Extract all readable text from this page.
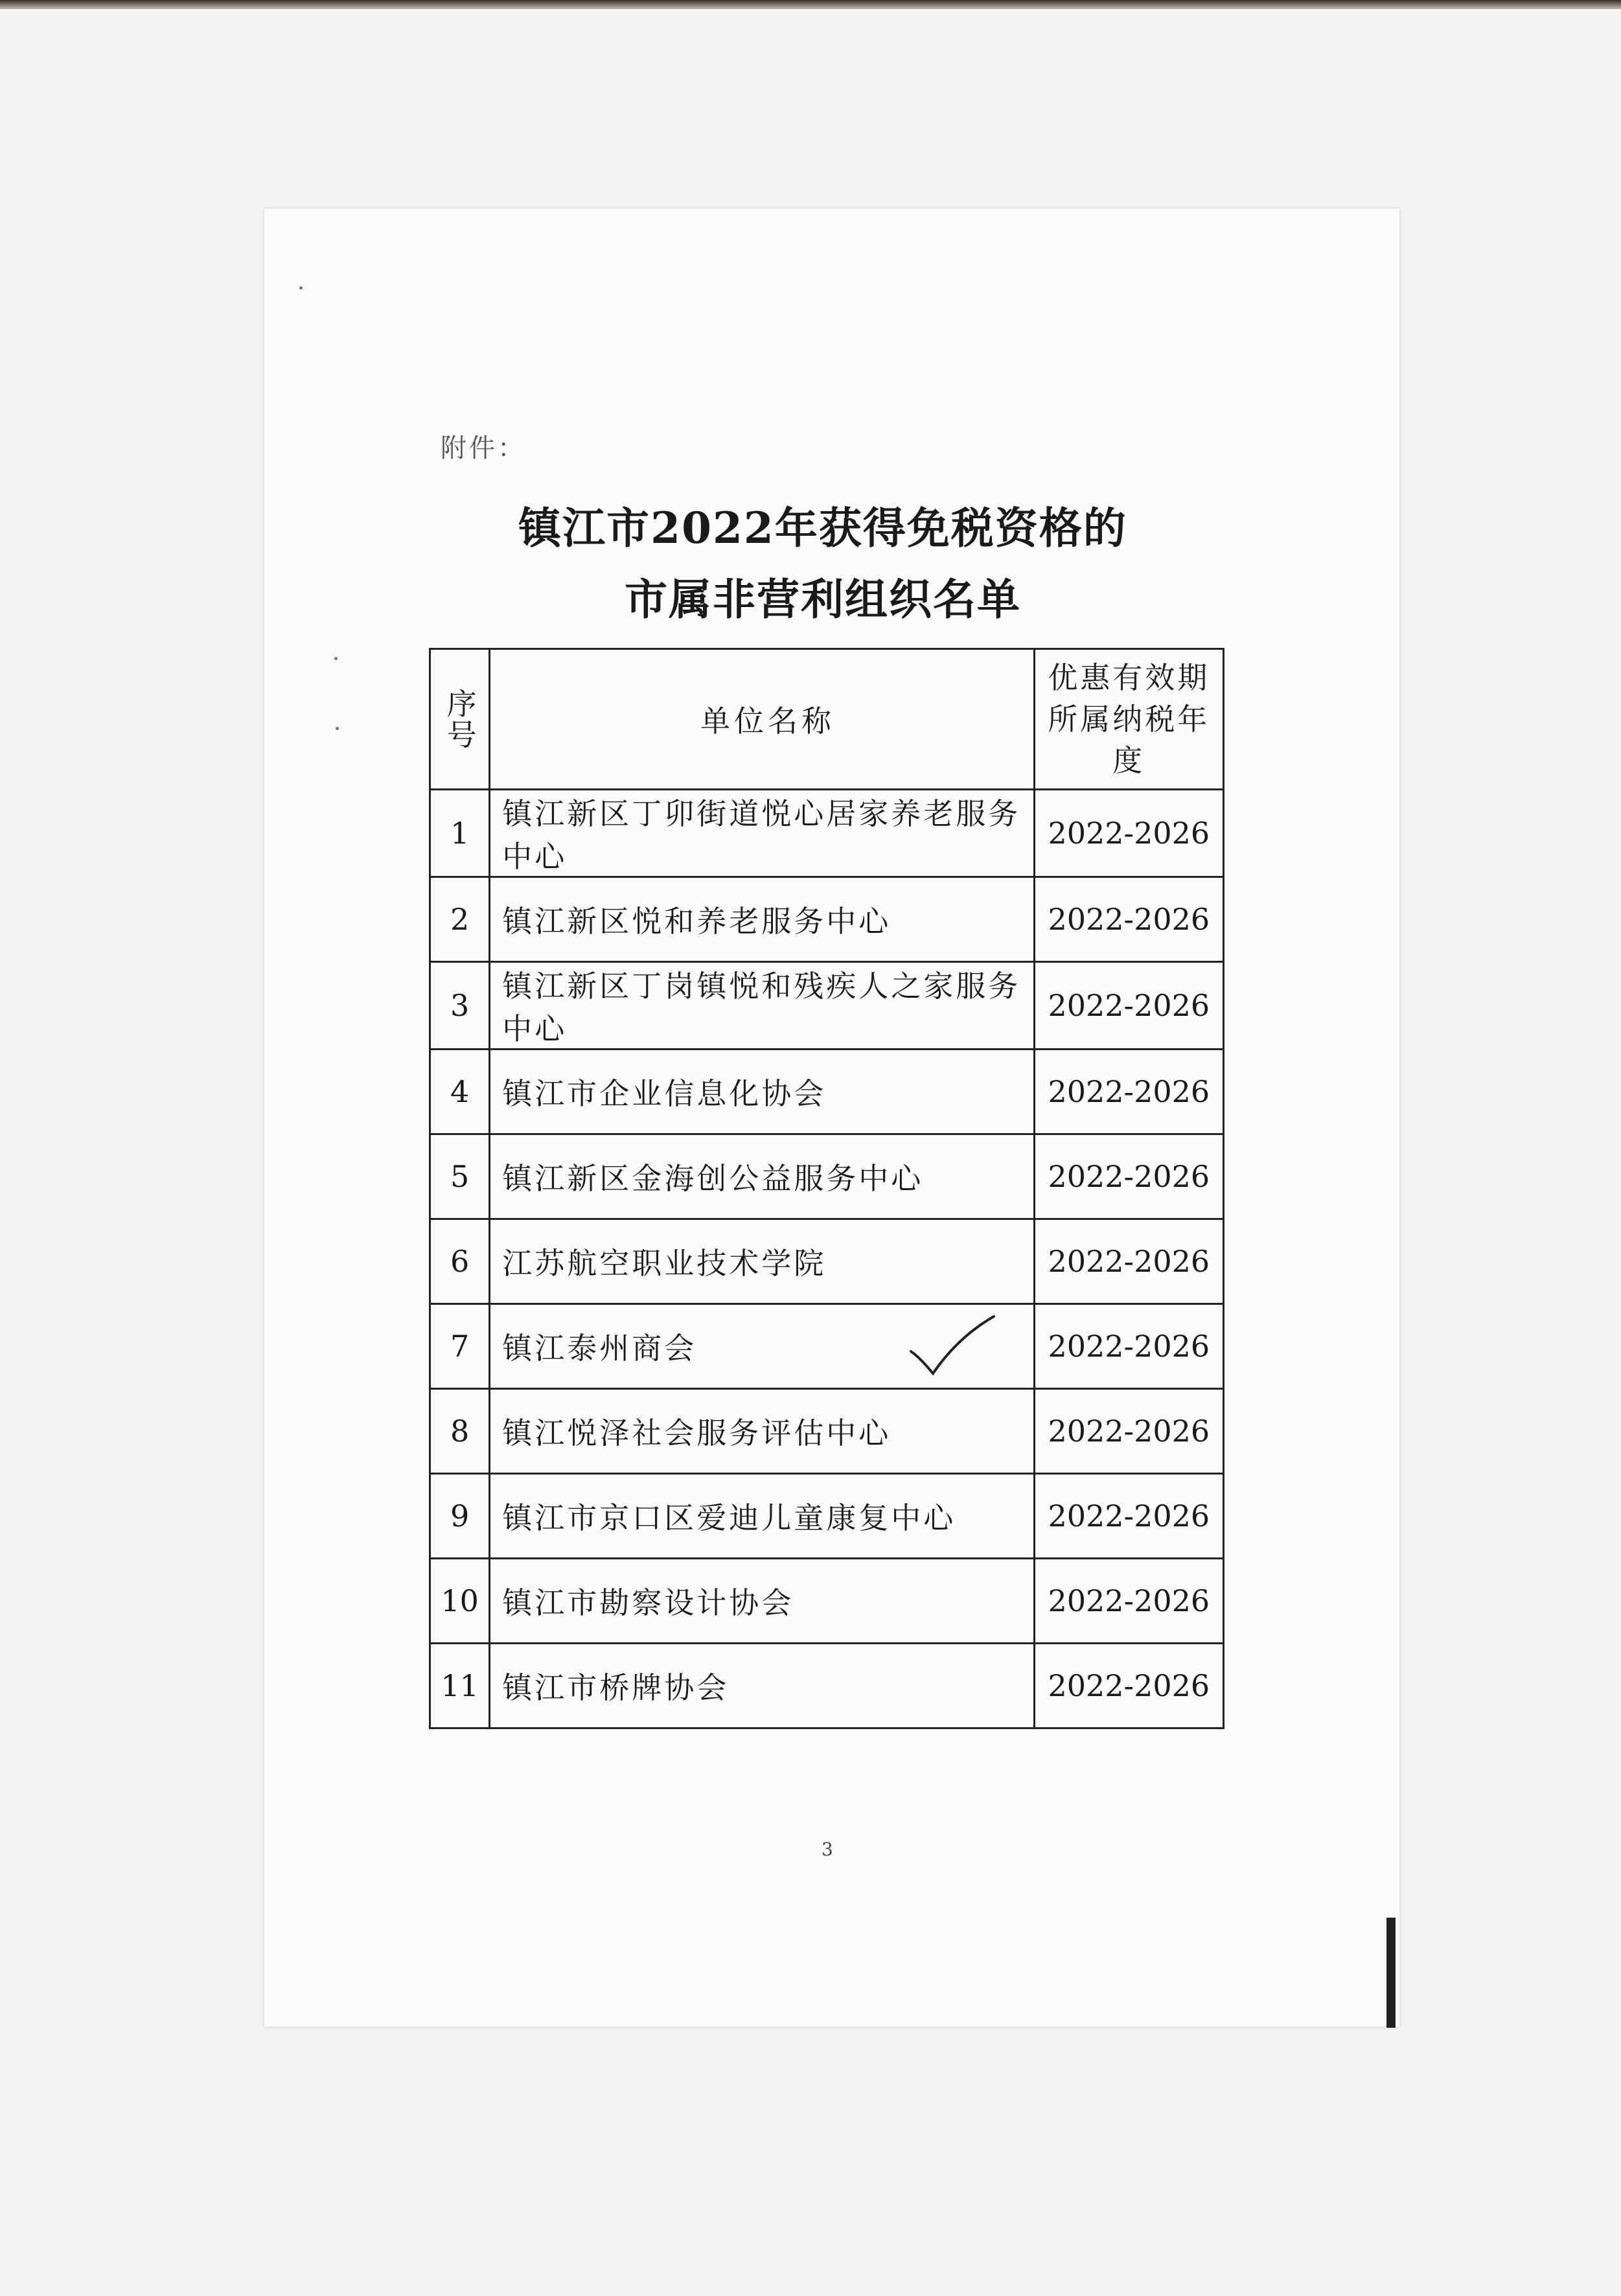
附件：
镇江市2022年获得免税资格的
市属非营利组织名单
序号	单位名称	优惠有效期所属纳税年度
1	镇江新区丁卯街道悦心居家养老服务中心	2022-2026
2	镇江新区悦和养老服务中心	2022-2026
3	镇江新区丁岗镇悦和残疾人之家服务中心	2022-2026
4	镇江市企业信息化协会	2022-2026
5	镇江新区金海创公益服务中心	2022-2026
6	江苏航空职业技术学院	2022-2026
7	镇江泰州商会	2022-2026
8	镇江悦泽社会服务评估中心	2022-2026
9	镇江市京口区爱迪儿童康复中心	2022-2026
10	镇江市勘察设计协会	2022-2026
11	镇江市桥牌协会	2022-2026
3
